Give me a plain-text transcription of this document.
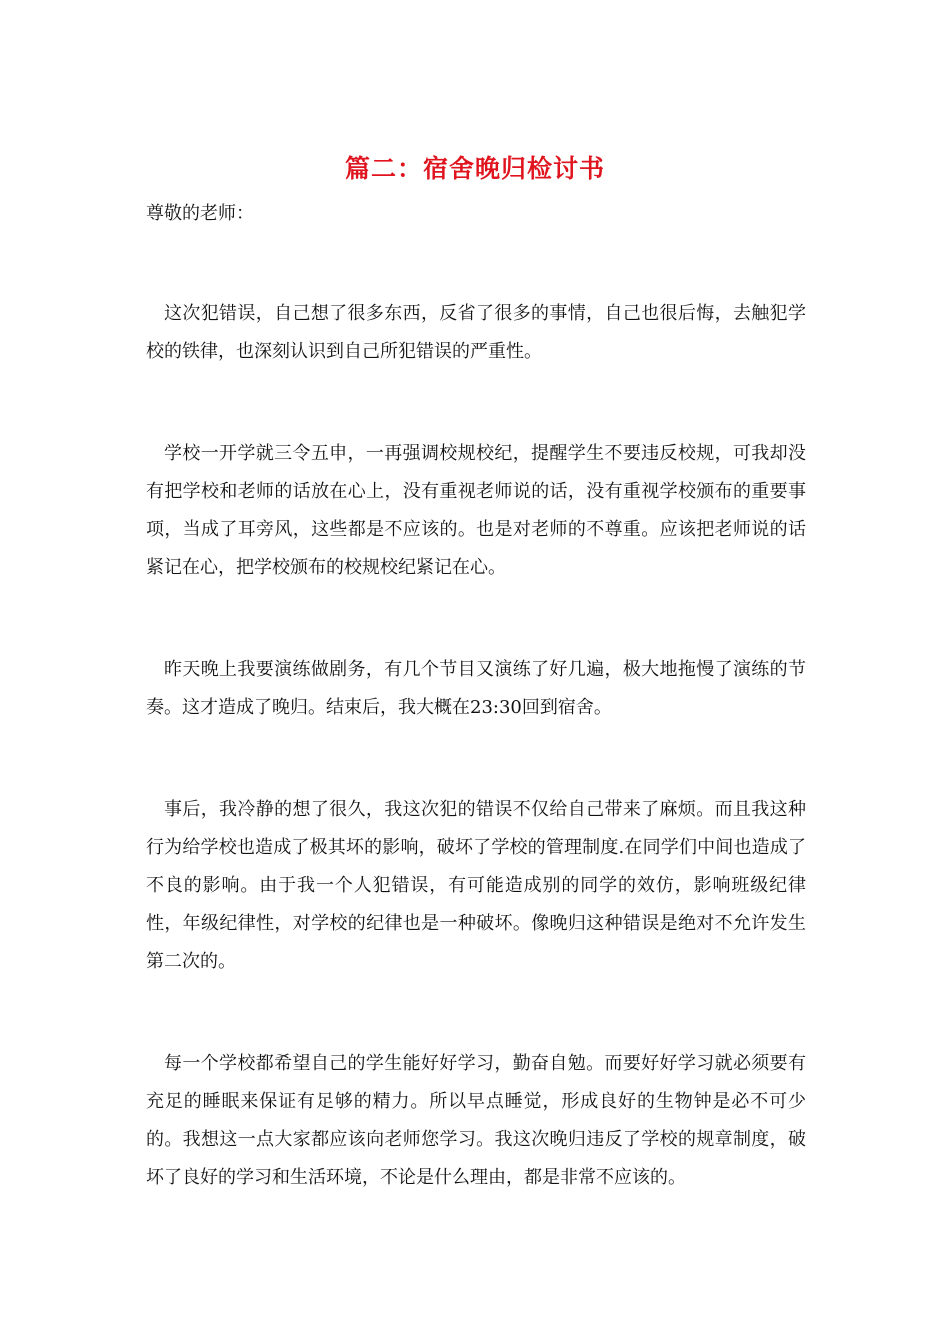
篇二：宿舍晚归检讨书
尊敬的老师：

这次犯错误，自己想了很多东西，反省了很多的事情，自己也很后悔，去触犯学校的铁律，也深刻认识到自己所犯错误的严重性。

学校一开学就三令五申，一再强调校规校纪，提醒学生不要违反校规，可我却没有把学校和老师的话放在心上，没有重视老师说的话，没有重视学校颁布的重要事项，当成了耳旁风，这些都是不应该的。也是对老师的不尊重。应该把老师说的话紧记在心，把学校颁布的校规校纪紧记在心。

昨天晚上我要演练做剧务，有几个节目又演练了好几遍，极大地拖慢了演练的节奏。这才造成了晚归。结束后，我大概在23:30回到宿舍。

事后，我冷静的想了很久，我这次犯的错误不仅给自己带来了麻烦。而且我这种行为给学校也造成了极其坏的影响，破坏了学校的管理制度.在同学们中间也造成了不良的影响。由于我一个人犯错误，有可能造成别的同学的效仿，影响班级纪律性，年级纪律性，对学校的纪律也是一种破坏。像晚归这种错误是绝对不允许发生第二次的。

每一个学校都希望自己的学生能好好学习，勤奋自勉。而要好好学习就必须要有充足的睡眠来保证有足够的精力。所以早点睡觉，形成良好的生物钟是必不可少的。我想这一点大家都应该向老师您学习。我这次晚归违反了学校的规章制度，破坏了良好的学习和生活环境，不论是什么理由，都是非常不应该的。
